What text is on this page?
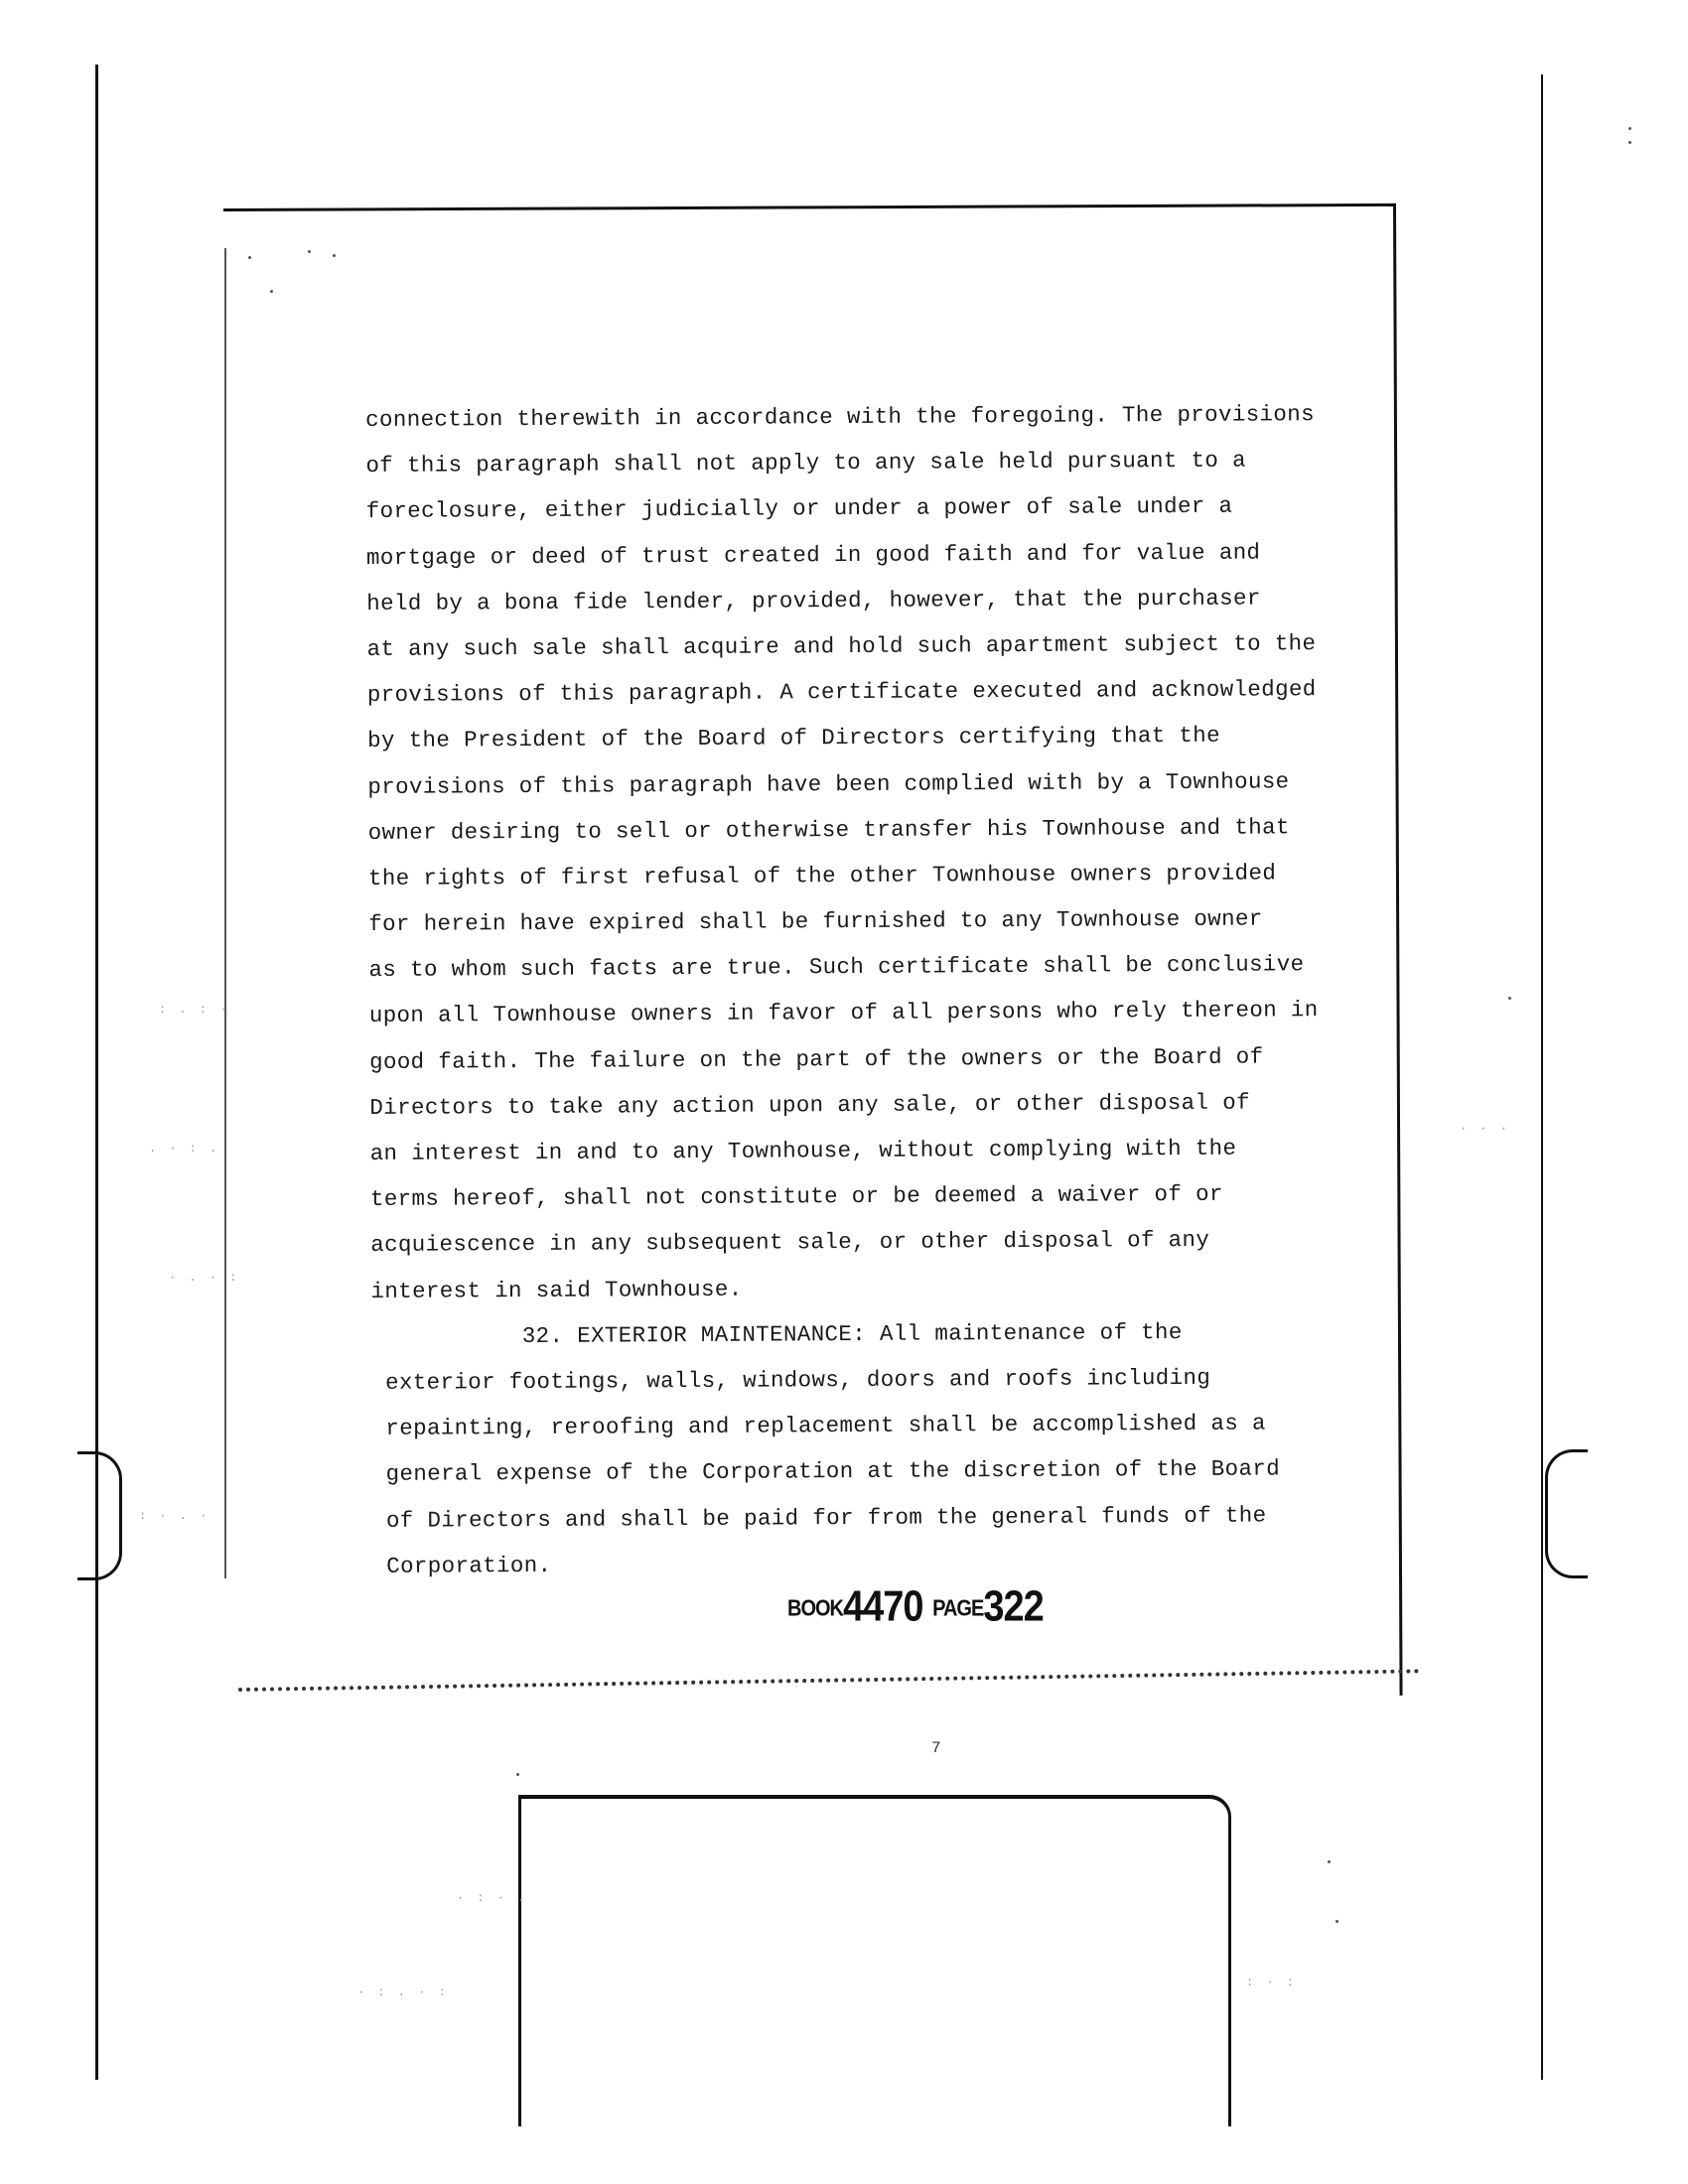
: . : ·
. · : .
· . · :
: · . ·
· : · .
· : . · :
: · :
· · ·
connection therewith in accordance with the foregoing. The provisions
of this paragraph shall not apply to any sale held pursuant to a
foreclosure, either judicially or under a power of sale under a
mortgage or deed of trust created in good faith and for value and
held by a bona fide lender, provided, however, that the purchaser
at any such sale shall acquire and hold such apartment subject to the
provisions of this paragraph. A certificate executed and acknowledged
by the President of the Board of Directors certifying that the
provisions of this paragraph have been complied with by a Townhouse
owner desiring to sell or otherwise transfer his Townhouse and that
the rights of first refusal of the other Townhouse owners provided
for herein have expired shall be furnished to any Townhouse owner
as to whom such facts are true. Such certificate shall be conclusive
upon all Townhouse owners in favor of all persons who rely thereon in
good faith. The failure on the part of the owners or the Board of
Directors to take any action upon any sale, or other disposal of
an interest in and to any Townhouse, without complying with the
terms hereof, shall not constitute or be deemed a waiver of or
acquiescence in any subsequent sale, or other disposal of any
interest in said Townhouse.
32. EXTERIOR MAINTENANCE: All maintenance of the
exterior footings, walls, windows, doors and roofs including
repainting, reroofing and replacement shall be accomplished as a
general expense of the Corporation at the discretion of the Board
of Directors and shall be paid for from the general funds of the
Corporation.
BOOK4470 PAGE322
7
